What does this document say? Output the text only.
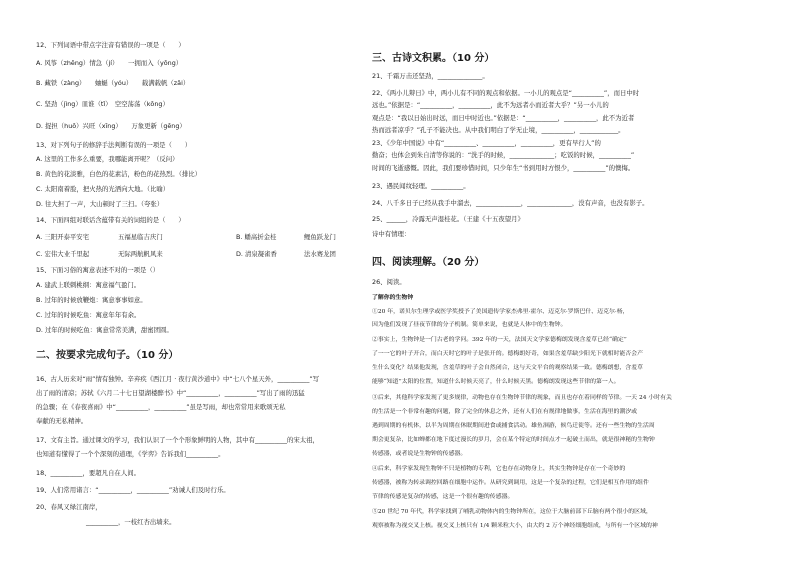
12、下列词语中带点字注音有错误的一项是（　　）
A. 风筝（zhēng）情急（jí）　　一拥而入（yōng）
B. 藏铁（zàng）　　蚰蜒（yóu）　　载满载帆（zǎi）
C. 坚劲（jìng）皿谁（tǐ）　空空荡荡（kōng）
D. 捉担（huō）兴旺（xīng）　　万象更新（gēng）
13、对下列句子的修辞手法判断有误的一项是（　　）
A. 这里的工作多么重要，我哪能离开呢？（反问）
B. 黄色的花淡雅，白色的花素洁，粉色的花热烈。（排比）
C. 太阳南着脸，把火热的光洒向大地。（比喻）
D. 往大担了一声，大山顿时了三扫。（夸张）
14、下面四组对联话含蕴带有关的词组的是（　　）
A. 三阳开泰平安宅	五福星临吉庆门	B. 蟠高折金桂	鲤鱼跃龙门
C. 宏伟大业千里起	无际两航帆风来	D. 清泉凝雀香	法水赛龙团
15、下面习俗的寓意表述不对的一项是（）
A. 建武上联刺桃纲：寓意福气盈门。
B. 过年的时候放鞭炮：寓意事事如意。
C. 过年的时候吃鱼：寓意年年有余。
D. 过年的时候吃鱼：寓意常常美满，甜蜜团圆。
二、按要求完成句子。（10 分）
16、古人历来对“雨”情有独钟。辛弃疾《西江月 · 夜行黄沙道中》中“七八个星天外，__________”写
出了雨的清凉；苏轼《六月二十七日望湖楼醉书》中“__________，__________”写出了雨的迅猛
的急骤；在《春夜喜雨》中“__________，__________”虽是写雨，却也常常用来歌颂无私
奉献的无私精神。
17、文有主旨。通过课文的学习，我们认识了一个个形象鲜明的人物，其中有__________的宋太祖，
也知道有懂得了一个个深刻的道理，《学弈》告诉我们__________。
18、__________，要超凡自在人间。
19、人们常用诸言：“__________，__________”劝诫人们及时行乐。
20、春风又绿江南岸，
__________，一枝红杏出墙来。
三、古诗文积累。（10 分）
21、千霜万击还坚劲，______________。
22、《两小儿辩日》中，两小儿有不同的观点和依据。一小儿的观点是“__________”，而日中时
远也。”依据是：“__________，__________，此不为远者小而近者大乎？”另一小儿的
观点是：“我以日始出时远，而日中时近也。”依据是：“__________，__________，此不为近者
热而远者凉乎？”孔子不能决也。从中我们明白了学无止境，__________，____________。
23、《少年中国说》中有“__________、__________，__________，更有早行人”的
勤奋；也体会到朱自清等你说的：“洗手的时候，______________；吃饭的时候，__________”
时间的飞逝感慨。因此，我们要珍惜时间，只少年生“书到用时方恨少，__________”的懊悔。
23、遇民闻纹轻理。__________。
24、八千多日子已经从我手中溜去，______________，______________，没有声音，也没有影子。
25、______，冷露无声湿桂花。（王建《十五夜望月》
诗中有情理：
四、阅读理解。（20 分）
26、阅读。
了解你的生物钟
①20 年，诺贝尔生理学或医学奖授予了美国遗传学家杰弗里·霍尔、迈克尔·罗斯巴什、迈克尔·杨，
因为他们发现了昼夜节律的分子机制。简单来说，也就是人体中的生物钟。
②事实上，生物钟是一门古老的学问。392 年的一天，法国天文学家德梅朗发现含羞草已经“确定”
了一一它的叶子开合，而白天时它的叶子是张开的。德梅朗好奇，如果含羞草缺少阳光下就相时能否会产
生什么变化？结果他发现，含羞草的叶子会自然闭合，这与天文平台的观察结果一致。德梅朗想，含羞草
能够“知道”太阳的位置，知道什么时候天亮了，什么时候天黑。德梅朗发现这些节律的第一人。
③后来，其他科学家发现了更多规律，动物也存在生物钟节律的现象，而且也存在着同样的节律。一天 24 小时有关
的生活是一个非常有趣的问题，除了完全的休息之外，还有人们在有规律地做事，生活在海里的潮汐或
遇到周期的有机体，以半为周期在休眠期间进食或捕食活动。雄鱼洄游，候鸟迁徙等。还有一些生物的生活周
期会更复杂，比如蝉都在地下度过漫长的岁月，会在某个特定的时间点才一起破土而出，就是很神秘的生物钟
传感器，或者说是生物钟的传感器。
④后来，科学家发现生物钟不只是植物的专利，它也存在动物身上，其实生物钟是存在一个奇妙的
传感器，被称为转录调控回路在细胞中运作。从研究到调用，这是一个复杂的过程，它们是相互作用的组件
节律的传感是复杂的传感，这是一个很有趣的传感器。
⑤20 世纪 70 年代，科学家找到了哺乳动物体内的生物钟所在，这位于大脑前部下丘脑有两个很小的区域，
观察被称为视交叉上核。视交叉上核只有 1/4 颗米粒大小，由大约 2 万个神经细胞组成，与所有一个区域的神
